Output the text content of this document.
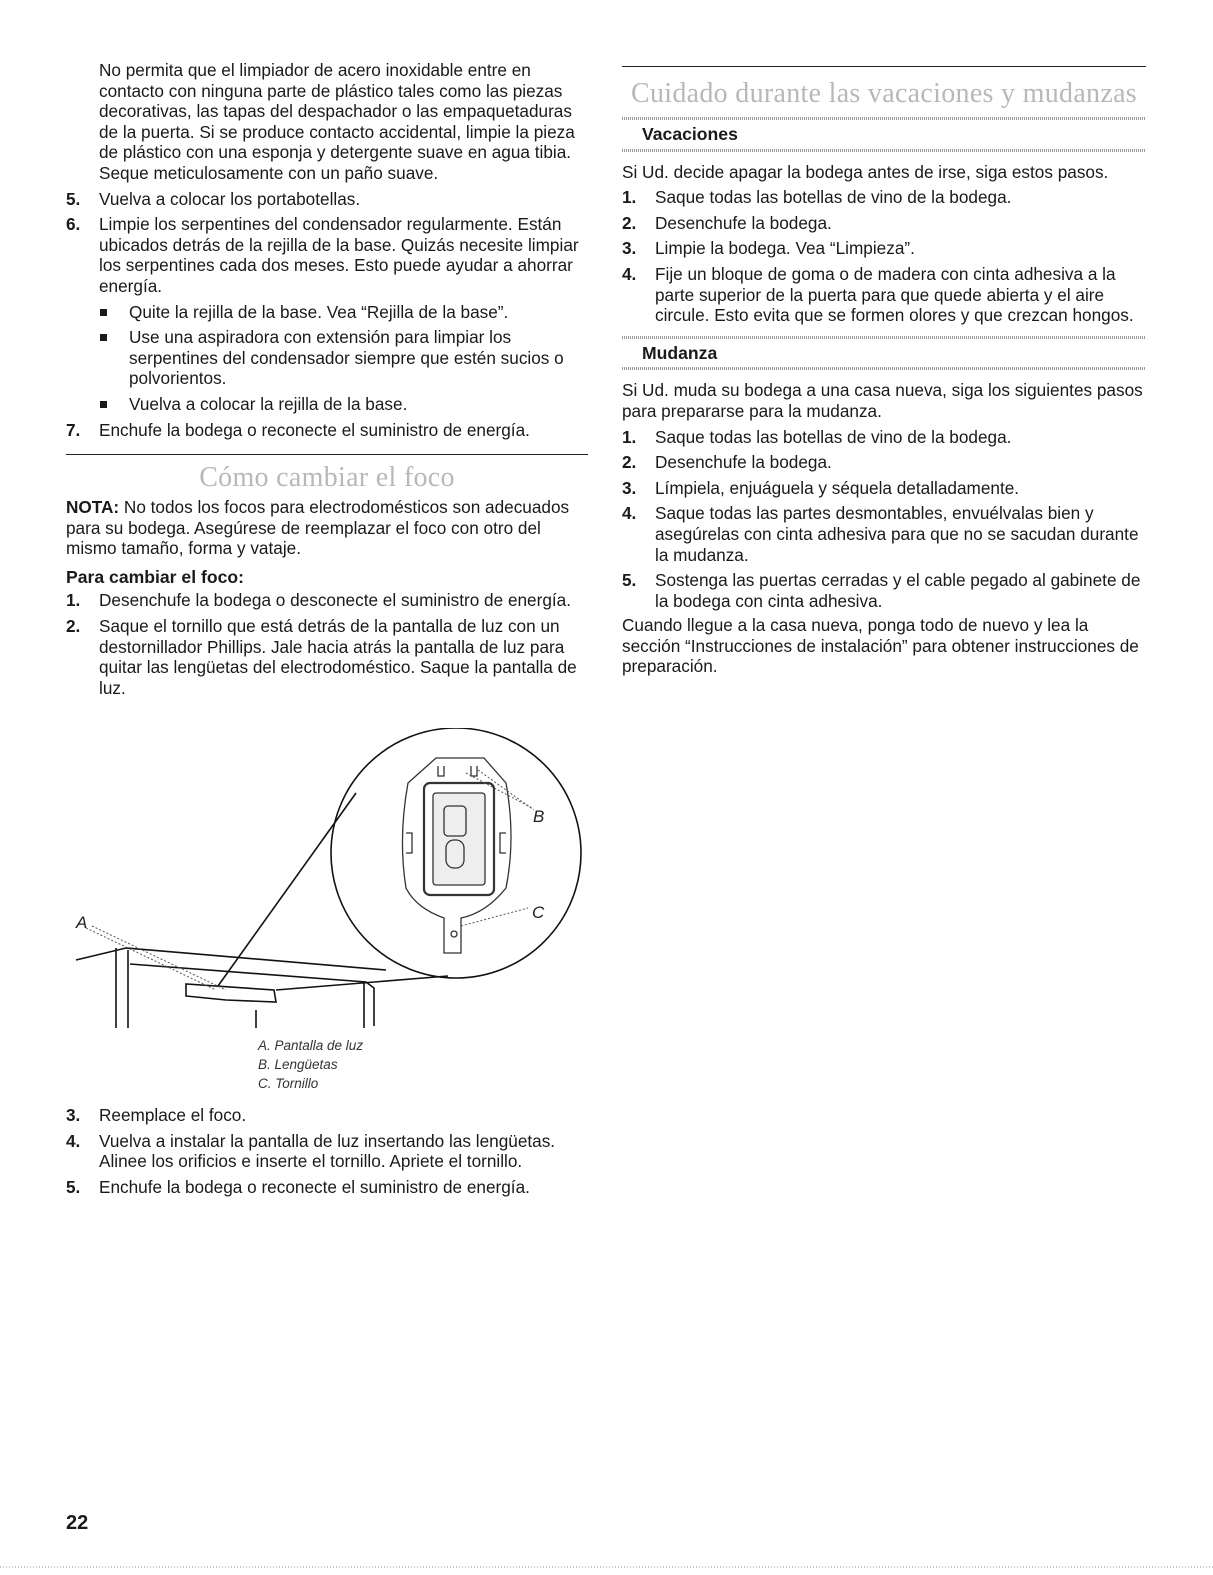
No permita que el limpiador de acero inoxidable entre en contacto con ninguna parte de plástico tales como las piezas decorativas, las tapas del despachador o las empaquetaduras de la puerta. Si se produce contacto accidental, limpie la pieza de plástico con una esponja y detergente suave en agua tibia. Seque meticulosamente con un paño suave.

5. Vuelva a colocar los portabotellas.
6. Limpie los serpentines del condensador regularmente. Están ubicados detrás de la rejilla de la base. Quizás necesite limpiar los serpentines cada dos meses. Esto puede ayudar a ahorrar energía.
Quite la rejilla de la base. Vea “Rejilla de la base”.
Use una aspiradora con extensión para limpiar los serpentines del condensador siempre que estén sucios o polvorientos.
Vuelva a colocar la rejilla de la base.
7. Enchufe la bodega o reconecte el suministro de energía.
Cómo cambiar el foco

NOTA: No todos los focos para electrodomésticos son adecuados para su bodega. Asegúrese de reemplazar el foco con otro del mismo tamaño, forma y vataje.

Para cambiar el foco:
1. Desenchufe la bodega o desconecte el suministro de energía.
2. Saque el tornillo que está detrás de la pantalla de luz con un destornillador Phillips. Jale hacia atrás la pantalla de luz para quitar las lengüetas del electrodoméstico. Saque la pantalla de luz.
A
B
C
A. Pantalla de luz
B. Lengüetas
C. Tornillo
3. Reemplace el foco.
4. Vuelva a instalar la pantalla de luz insertando las lengüetas. Alinee los orificios e inserte el tornillo. Apriete el tornillo.
5. Enchufe la bodega o reconecte el suministro de energía.
Cuidado durante las vacaciones y mudanzas
Vacaciones

Si Ud. decide apagar la bodega antes de irse, siga estos pasos.

1. Saque todas las botellas de vino de la bodega.
2. Desenchufe la bodega.
3. Limpie la bodega. Vea “Limpieza”.
4. Fije un bloque de goma o de madera con cinta adhesiva a la parte superior de la puerta para que quede abierta y el aire circule. Esto evita que se formen olores y que crezcan hongos.
Mudanza

Si Ud. muda su bodega a una casa nueva, siga los siguientes pasos para prepararse para la mudanza.

1. Saque todas las botellas de vino de la bodega.
2. Desenchufe la bodega.
3. Límpiela, enjuáguela y séquela detalladamente.
4. Saque todas las partes desmontables, envuélvalas bien y asegúrelas con cinta adhesiva para que no se sacudan durante la mudanza.
5. Sostenga las puertas cerradas y el cable pegado al gabinete de la bodega con cinta adhesiva.

Cuando llegue a la casa nueva, ponga todo de nuevo y lea la sección “Instrucciones de instalación” para obtener instrucciones de preparación.

22
